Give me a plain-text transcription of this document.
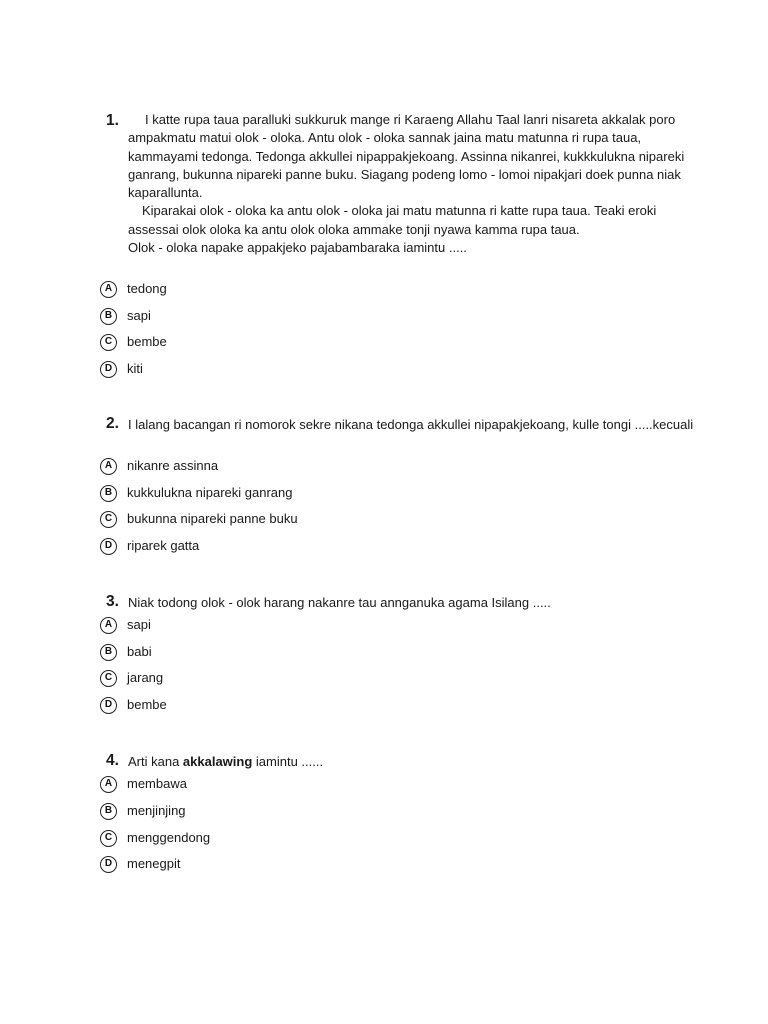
1.	I katte rupa taua paralluki sukkuruk mange ri Karaeng Allahu Taal lanri nisareta akkalak poro ampakmatu matui olok - oloka. Antu olok - oloka sannak jaina matu matunna ri rupa taua, kammayami tedonga. Tedonga akkullei nipappakjekoang. Assinna nikanrei, kukkkulukna nipareki ganrang, bukunna nipareki panne buku. Siagang podeng lomo - lomoi nipakjari doek punna niak kaparallunta.

Kiparakai olok - oloka ka antu olok - oloka jai matu matunna ri katte rupa taua. Teaki eroki assessai olok oloka ka antu olok oloka ammake tonji nyawa kamma rupa taua.

Olok - oloka napake appakjeko pajabambaraka iamintu .....

A	tedong
B	sapi
C	bembe
D	kiti
2. I lalang bacangan ri nomorok sekre nikana tedonga akkullei nipapakjekoang, kulle tongi .....kecuali
A	nikanre assinna
B	kukkulukna nipareki ganrang
C	bukunna nipareki panne buku
D	riparek gatta
3. Niak todong olok - olok harang nakanre tau annganuka agama Isilang .....
A	sapi
B	babi
C	jarang
D	bembe
4. Arti kana akkalawing iamintu ......
A	membawa
B	menjinjing
C	menggendong
D	menegpit
